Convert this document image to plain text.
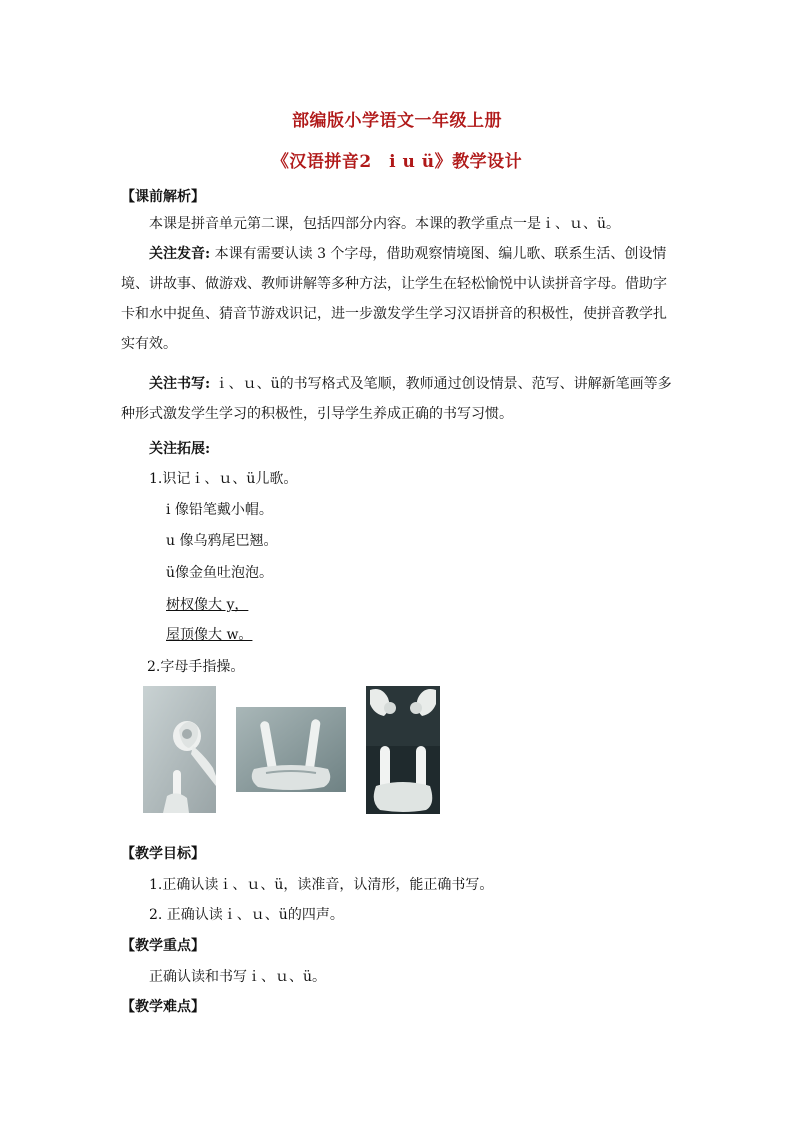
部编版小学语文一年级上册
《汉语拼音2　i u ü》教学设计
【课前解析】

本课是拼音单元第二课，包括四部分内容。本课的教学重点一是ｉ、ｕ、ü。

关注发音: 本课有需要认读 3 个字母，借助观察情境图、编儿歌、联系生活、创设情境、讲故事、做游戏、教师讲解等多种方法，让学生在轻松愉悦中认读拼音字母。借助字卡和水中捉鱼、猜音节游戏识记，进一步激发学生学习汉语拼音的积极性，使拼音教学扎实有效。

关注书写: ｉ、ｕ、ü的书写格式及笔顺，教师通过创设情景、范写、讲解新笔画等多种形式激发学生学习的积极性，引导学生养成正确的书写习惯。

关注拓展:
1.识记ｉ、ｕ、ü儿歌。
i 像铅笔戴小帽。
u 像乌鸦尾巴翘。
ü像金鱼吐泡泡。
树杈像大 y，
屋顶像大 w。
2.字母手指操。
【教学目标】
1.正确认读ｉ、ｕ、ü，读准音，认清形，能正确书写。
2. 正确认读ｉ、ｕ、ü的四声。
【教学重点】
正确认读和书写ｉ、ｕ、ü。
【教学难点】
